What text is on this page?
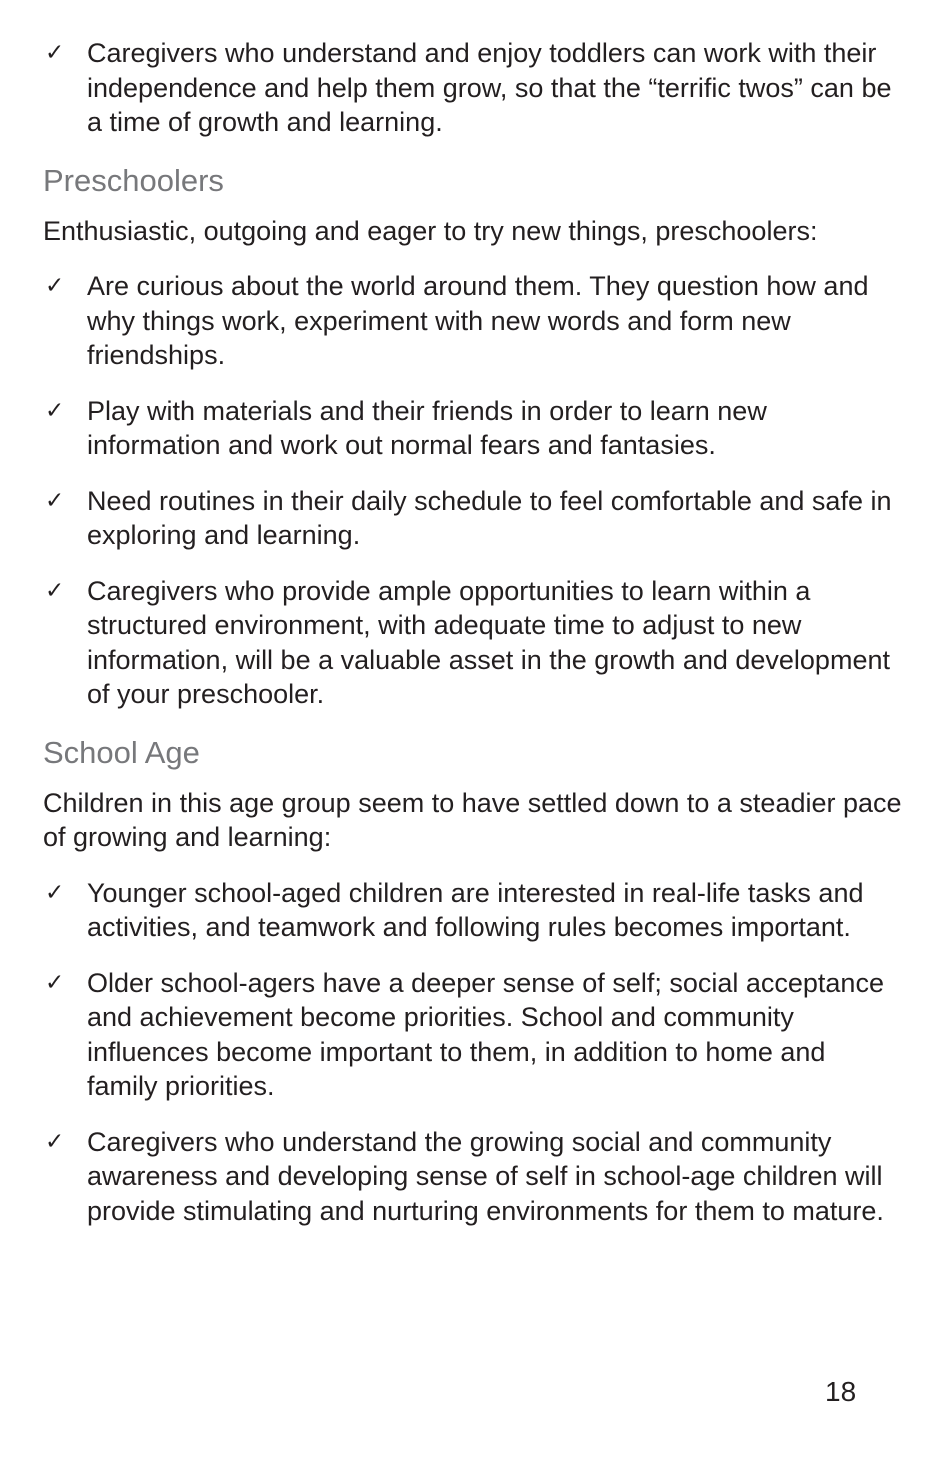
✓ Caregivers who understand and enjoy toddlers can work with their independence and help them grow, so that the “terrific twos” can be a time of growth and learning.
Preschoolers
Enthusiastic, outgoing and eager to try new things, preschoolers:
✓ Are curious about the world around them. They question how and why things work, experiment with new words and form new friendships.
✓ Play with materials and their friends in order to learn new information and work out normal fears and fantasies.
✓ Need routines in their daily schedule to feel comfortable and safe in exploring and learning.
✓ Caregivers who provide ample opportunities to learn within a structured environment, with adequate time to adjust to new information, will be a valuable asset in the growth and development of your preschooler.
School Age
Children in this age group seem to have settled down to a steadier pace of growing and learning:
✓ Younger school-aged children are interested in real-life tasks and activities, and teamwork and following rules becomes important.
✓ Older school-agers have a deeper sense of self; social acceptance and achievement become priorities. School and community influences become important to them, in addition to home and family priorities.
✓ Caregivers who understand the growing social and community awareness and developing sense of self in school-age children will provide stimulating and nurturing environments for them to mature.
18
